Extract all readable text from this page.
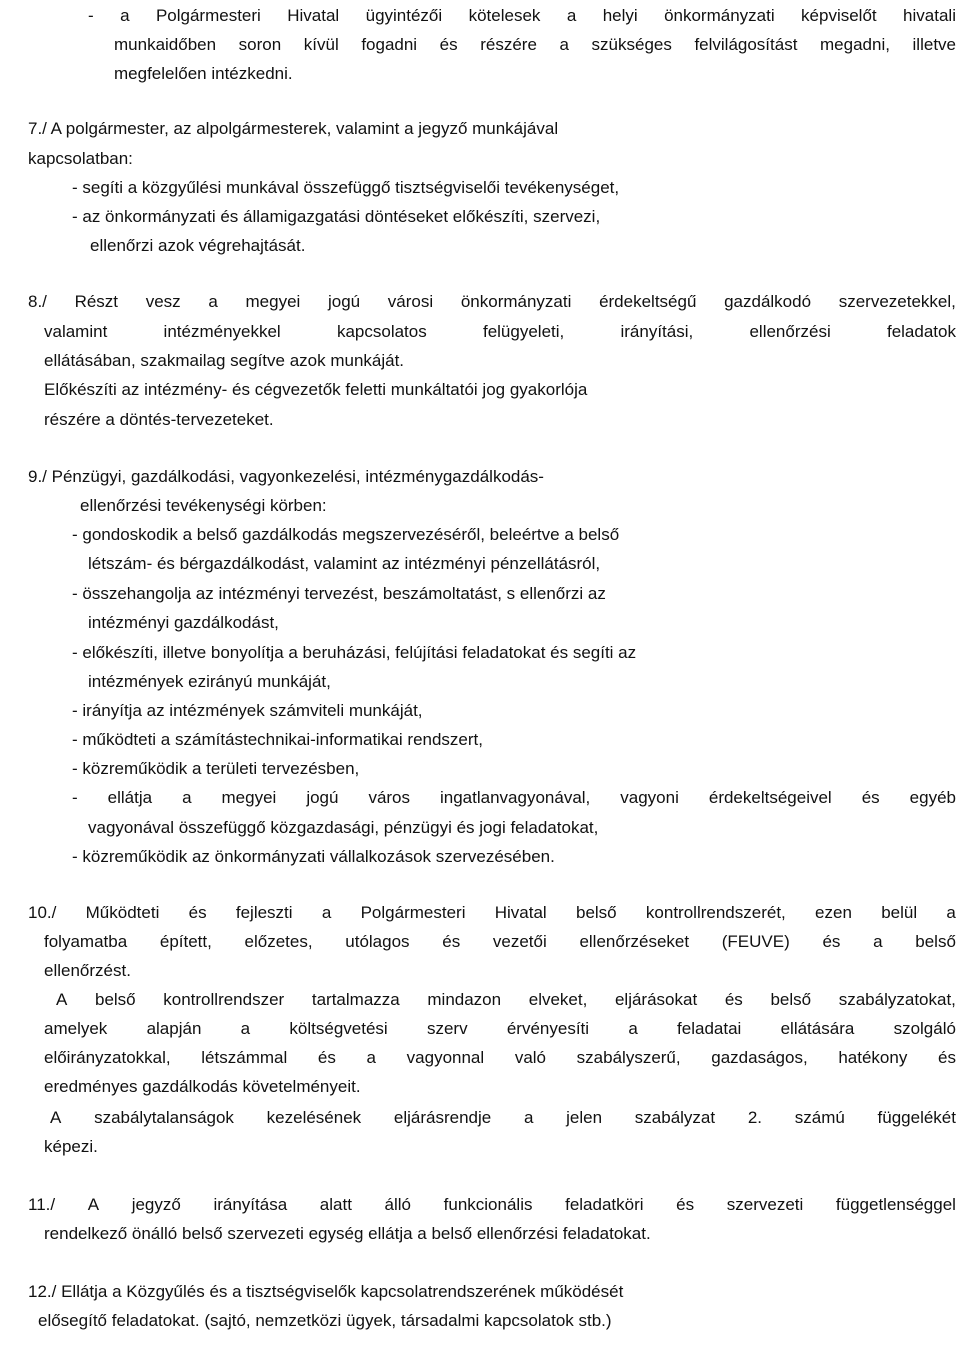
- a Polgármesteri Hivatal ügyintézői kötelesek a helyi önkormányzati képviselőt hivatali
munkaidőben soron kívül fogadni és részére a szükséges felvilágosítást megadni, illetve
megfelelően intézkedni.
7./ A polgármester, az alpolgármesterek, valamint a jegyző munkájával
kapcsolatban:
- segíti a közgyűlési munkával összefüggő tisztségviselői tevékenységet,
- az önkormányzati és államigazgatási döntéseket előkészíti, szervezi,
ellenőrzi azok végrehajtását.
8./ Részt vesz a megyei jogú városi önkormányzati érdekeltségű gazdálkodó szervezetekkel,
valamint	intézményekkel	kapcsolatos	felügyeleti,	irányítási,	ellenőrzési	feladatok
ellátásában, szakmailag segítve azok munkáját.
Előkészíti az intézmény- és cégvezetők feletti munkáltatói jog gyakorlója
részére a döntés-tervezeteket.
9./ Pénzügyi, gazdálkodási, vagyonkezelési, intézménygazdálkodás-
ellenőrzési tevékenységi körben:
- gondoskodik a belső gazdálkodás megszervezéséről, beleértve a belső
létszám- és bérgazdálkodást, valamint az intézményi pénzellátásról,
- összehangolja az intézményi tervezést, beszámoltatást, s ellenőrzi az
intézményi gazdálkodást,
- előkészíti, illetve bonyolítja a beruházási, felújítási feladatokat és segíti az
intézmények ezirányú munkáját,
- irányítja az intézmények számviteli munkáját,
- működteti a számítástechnikai-informatikai rendszert,
- közreműködik a területi tervezésben,
- ellátja a megyei jogú város ingatlanvagyonával, vagyoni érdekeltségeivel és egyéb
vagyonával összefüggő közgazdasági, pénzügyi és jogi feladatokat,
- közreműködik az önkormányzati vállalkozások szervezésében.
10./ Működteti és fejleszti a Polgármesteri Hivatal belső kontrollrendszerét, ezen belül a
folyamatba épített, előzetes, utólagos és vezetői ellenőrzéseket (FEUVE) és a belső
ellenőrzést.
A belső kontrollrendszer tartalmazza mindazon elveket, eljárásokat és belső szabályzatokat,
amelyek alapján a költségvetési szerv érvényesíti a feladatai ellátására szolgáló
előirányzatokkal, létszámmal és a vagyonnal való szabályszerű, gazdaságos, hatékony és
eredményes gazdálkodás követelményeit.
A szabálytalanságok kezelésének eljárásrendje a jelen szabályzat 2. számú függelékét
képezi.
11./ A jegyző irányítása alatt álló funkcionális feladatköri és szervezeti függetlenséggel
rendelkező önálló belső szervezeti egység ellátja a belső ellenőrzési feladatokat.
12./ Ellátja a Közgyűlés és a tisztségviselők kapcsolatrendszerének működését
elősegítő feladatokat. (sajtó, nemzetközi ügyek, társadalmi kapcsolatok stb.)
